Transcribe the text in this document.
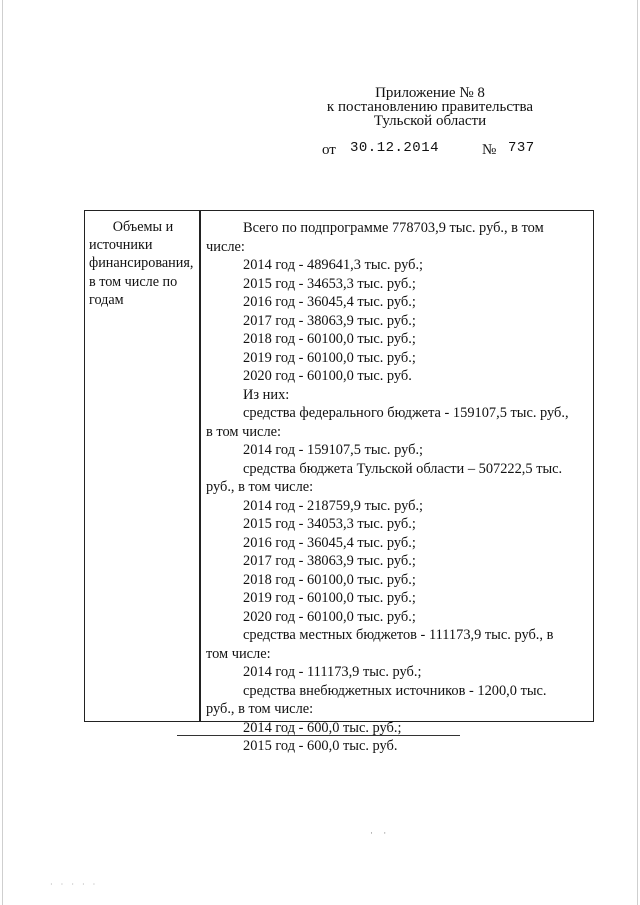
Приложение № 8
к постановлению правительства
Тульской области
от 30.12.2014	№ 737
Объемы и
источники
финансирования,
в том числе по
годам
Всего по подпрограмме 778703,9 тыс. руб., в том
числе:
2014 год - 489641,3 тыс. руб.;
2015 год - 34653,3 тыс. руб.;
2016 год - 36045,4 тыс. руб.;
2017 год - 38063,9 тыс. руб.;
2018 год - 60100,0 тыс. руб.;
2019 год - 60100,0 тыс. руб.;
2020 год - 60100,0 тыс. руб.
Из них:
средства федерального бюджета - 159107,5 тыс. руб.,
в том числе:
2014 год - 159107,5 тыс. руб.;
средства бюджета Тульской области – 507222,5 тыс.
руб., в том числе:
2014 год - 218759,9 тыс. руб.;
2015 год - 34053,3 тыс. руб.;
2016 год - 36045,4 тыс. руб.;
2017 год - 38063,9 тыс. руб.;
2018 год - 60100,0 тыс. руб.;
2019 год - 60100,0 тыс. руб.;
2020 год - 60100,0 тыс. руб.;
средства местных бюджетов - 111173,9 тыс. руб., в
том числе:
2014 год - 111173,9 тыс. руб.;
средства внебюджетных источников - 1200,0 тыс.
руб., в том числе:
2014 год - 600,0 тыс. руб.;
2015 год - 600,0 тыс. руб.
· ·
· · · · ·
